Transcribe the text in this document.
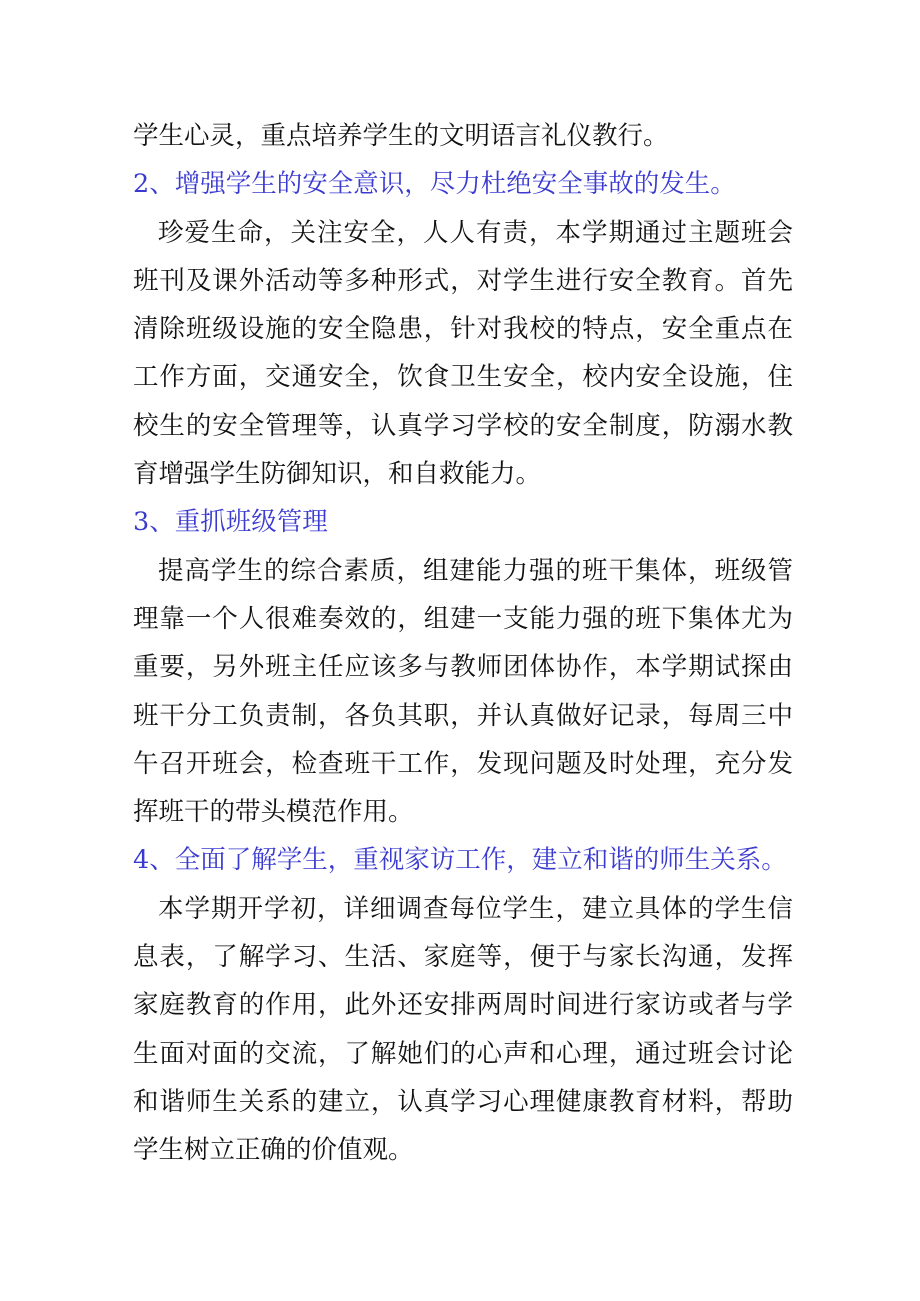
学生心灵，重点培养学生的文明语言礼仪教行。

2、增强学生的安全意识，尽力杜绝安全事故的发生。

珍爱生命，关注安全，人人有责，本学期通过主题班会班刊及课外活动等多种形式，对学生进行安全教育。首先清除班级设施的安全隐患，针对我校的特点，安全重点在工作方面，交通安全，饮食卫生安全，校内安全设施，住校生的安全管理等，认真学习学校的安全制度，防溺水教育增强学生防御知识，和自救能力。

3、重抓班级管理

提高学生的综合素质，组建能力强的班干集体，班级管理靠一个人很难奏效的，组建一支能力强的班下集体尤为重要，另外班主任应该多与教师团体协作，本学期试探由班干分工负责制，各负其职，并认真做好记录，每周三中午召开班会，检查班干工作，发现问题及时处理，充分发挥班干的带头模范作用。

4、全面了解学生，重视家访工作，建立和谐的师生关系。

本学期开学初，详细调查每位学生，建立具体的学生信息表，了解学习、生活、家庭等，便于与家长沟通，发挥家庭教育的作用，此外还安排两周时间进行家访或者与学生面对面的交流，了解她们的心声和心理，通过班会讨论和谐师生关系的建立，认真学习心理健康教育材料，帮助学生树立正确的价值观。
